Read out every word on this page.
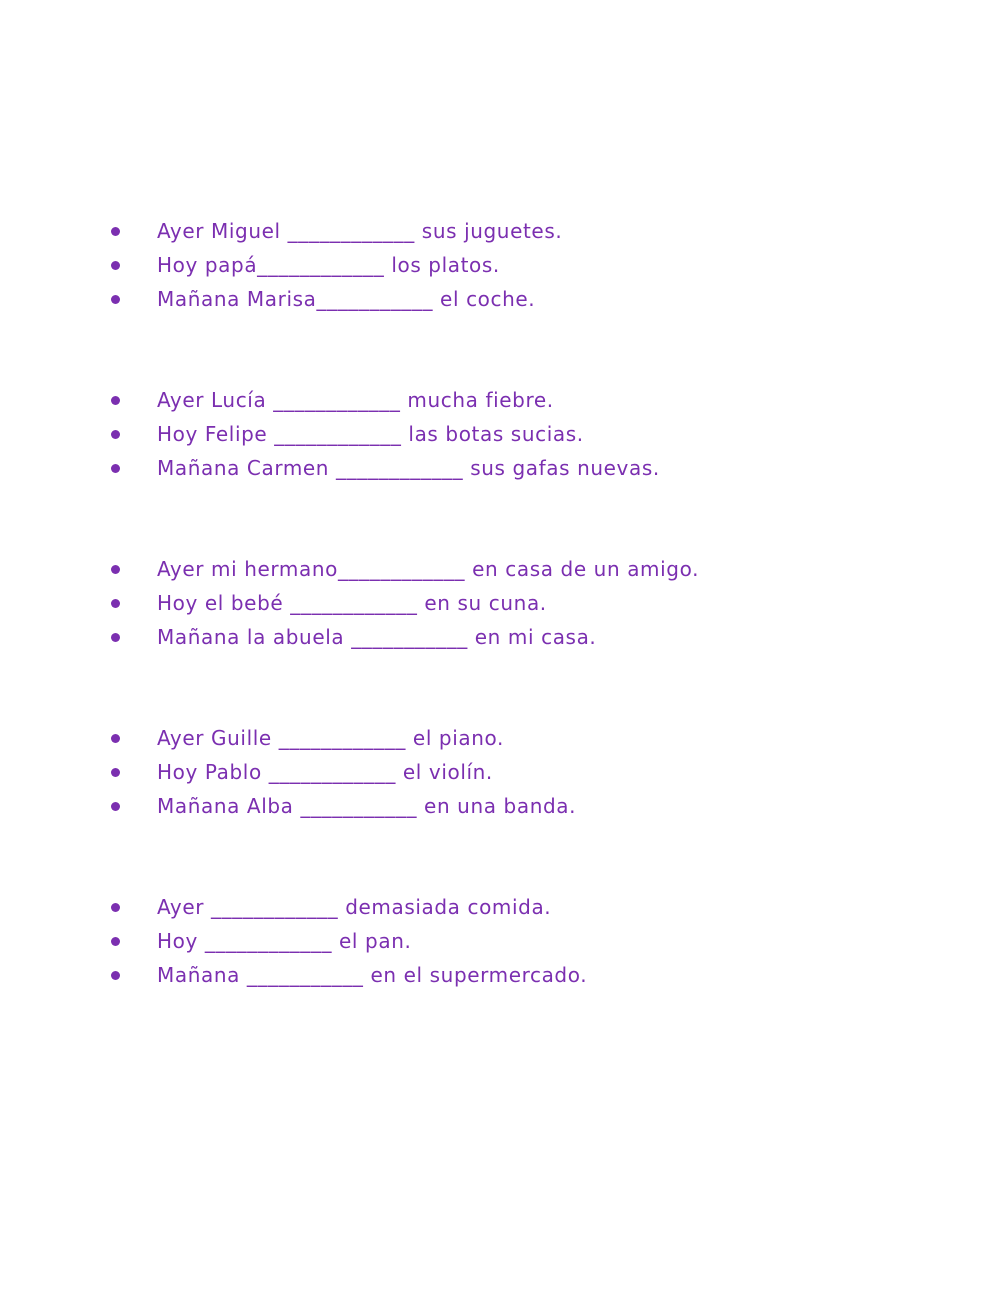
Ayer Miguel ____________ sus juguetes.
Hoy papá____________ los platos.
Mañana Marisa___________ el coche.
Ayer Lucía ____________ mucha fiebre.
Hoy Felipe ____________ las botas sucias.
Mañana Carmen ____________ sus gafas nuevas.
Ayer mi hermano____________ en casa de un amigo.
Hoy el bebé ____________ en su cuna.
Mañana la abuela ___________ en mi casa.
Ayer Guille ____________ el piano.
Hoy Pablo ____________ el violín.
Mañana Alba ___________ en una banda.
Ayer ____________ demasiada comida.
Hoy ____________ el pan.
Mañana ___________ en el supermercado.
